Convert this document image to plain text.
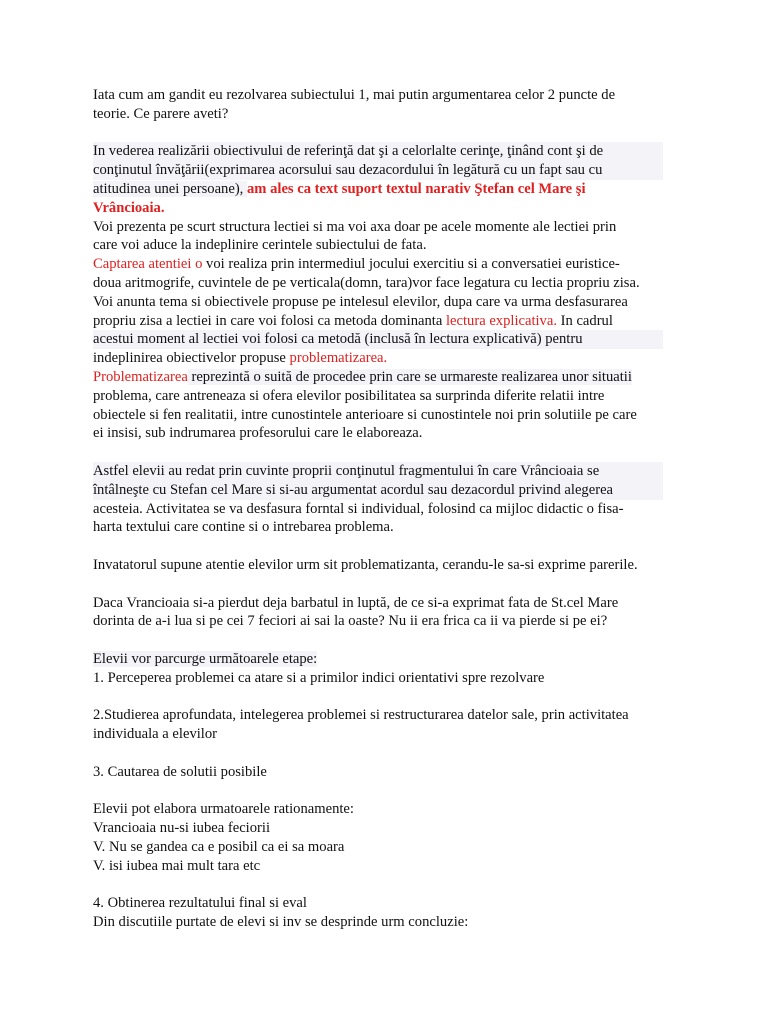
Iata cum am gandit eu rezolvarea subiectului 1, mai putin argumentarea celor 2 puncte de
teorie. Ce parere aveti?

In vederea realizării obiectivului de referinţă dat şi a celorlalte cerinţe, ţinând cont şi de
conţinutul învăţării(exprimarea acorsului sau dezacordului în legătură cu un fapt sau cu
atitudinea unei persoane), am ales ca text suport textul narativ Ştefan cel Mare şi
Vrâncioaia.
Voi prezenta pe scurt structura lectiei si ma voi axa doar pe acele momente ale lectiei prin
care voi aduce la indeplinire cerintele subiectului de fata.
Captarea atentiei o voi realiza prin intermediul jocului exercitiu si a conversatiei euristice-
doua aritmogrife, cuvintele de pe verticala(domn, tara)vor face legatura cu lectia propriu zisa.
Voi anunta tema si obiectivele propuse pe intelesul elevilor, dupa care va urma desfasurarea
propriu zisa a lectiei in care voi folosi ca metoda dominanta lectura explicativa. In cadrul
acestui moment al lectiei voi folosi ca metodă (inclusă în lectura explicativă) pentru
indeplinirea obiectivelor propuse problematizarea.
Problematizarea reprezintă o suită de procedee prin care se urmareste realizarea unor situatii
problema, care antreneaza si ofera elevilor posibilitatea sa surprinda diferite relatii intre
obiectele si fen realitatii, intre cunostintele anterioare si cunostintele noi prin solutiile pe care
ei insisi, sub indrumarea profesorului care le elaboreaza.

Astfel elevii au redat prin cuvinte proprii conţinutul fragmentului în care Vrâncioaia se
întâlneşte cu Stefan cel Mare si si-au argumentat acordul sau dezacordul privind alegerea
acesteia. Activitatea se va desfasura forntal si individual, folosind ca mijloc didactic o fisa-
harta textului care contine si o intrebarea problema.

Invatatorul supune atentie elevilor urm sit problematizanta, cerandu-le sa-si exprime parerile.

Daca Vrancioaia si-a pierdut deja barbatul in luptă, de ce si-a exprimat fata de St.cel Mare
dorinta de a-i lua si pe cei 7 feciori ai sai la oaste? Nu ii era frica ca ii va pierde si pe ei?

Elevii vor parcurge următoarele etape:
1. Perceperea problemei ca atare si a primilor indici orientativi spre rezolvare

2.Studierea aprofundata, intelegerea problemei si restructurarea datelor sale, prin activitatea
individuala a elevilor

3. Cautarea de solutii posibile

Elevii pot elabora urmatoarele rationamente:
Vrancioaia nu-si iubea feciorii
V. Nu se gandea ca e posibil ca ei sa moara
V. isi iubea mai mult tara etc

4. Obtinerea rezultatului final si eval
Din discutiile purtate de elevi si inv se desprinde urm concluzie:
